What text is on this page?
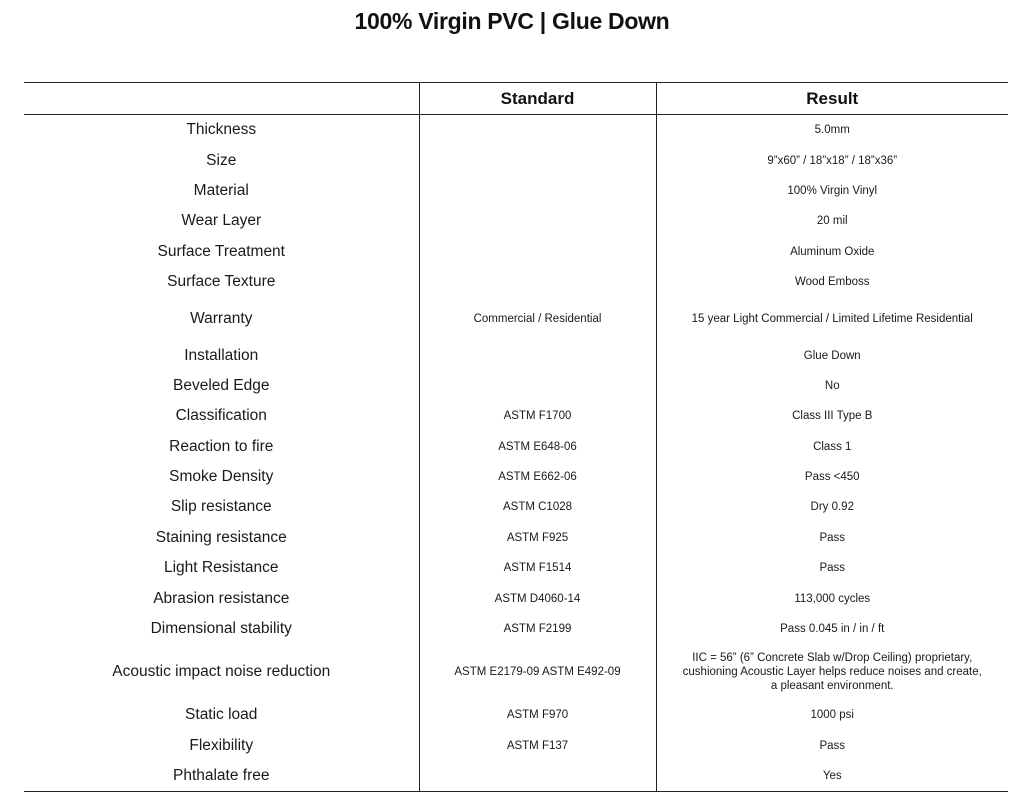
100% Virgin PVC | Glue Down
	Standard	Result
Thickness		5.0mm
Size		9”x60” / 18”x18” / 18”x36”
Material		100% Virgin Vinyl
Wear Layer		20 mil
Surface Treatment		Aluminum Oxide
Surface Texture		Wood Emboss
Warranty	Commercial / Residential	15 year Light Commercial / Limited Lifetime Residential
Installation		Glue Down
Beveled Edge		No
Classification	ASTM F1700	Class III Type B
Reaction to fire	ASTM E648-06	Class 1
Smoke Density	ASTM E662-06	Pass <450
Slip resistance	ASTM C1028	Dry 0.92
Staining resistance	ASTM F925	Pass
Light Resistance	ASTM F1514	Pass
Abrasion resistance	ASTM D4060-14	113,000 cycles
Dimensional stability	ASTM F2199	Pass 0.045 in / in / ft
Acoustic impact noise reduction	ASTM E2179-09 ASTM E492-09	IIC = 56” (6” Concrete Slab w/Drop Ceiling) proprietary,
cushioning Acoustic Layer helps reduce noises and create,
a pleasant environment.

Static load	ASTM F970	1000 psi
Flexibility	ASTM F137	Pass
Phthalate free		Yes
